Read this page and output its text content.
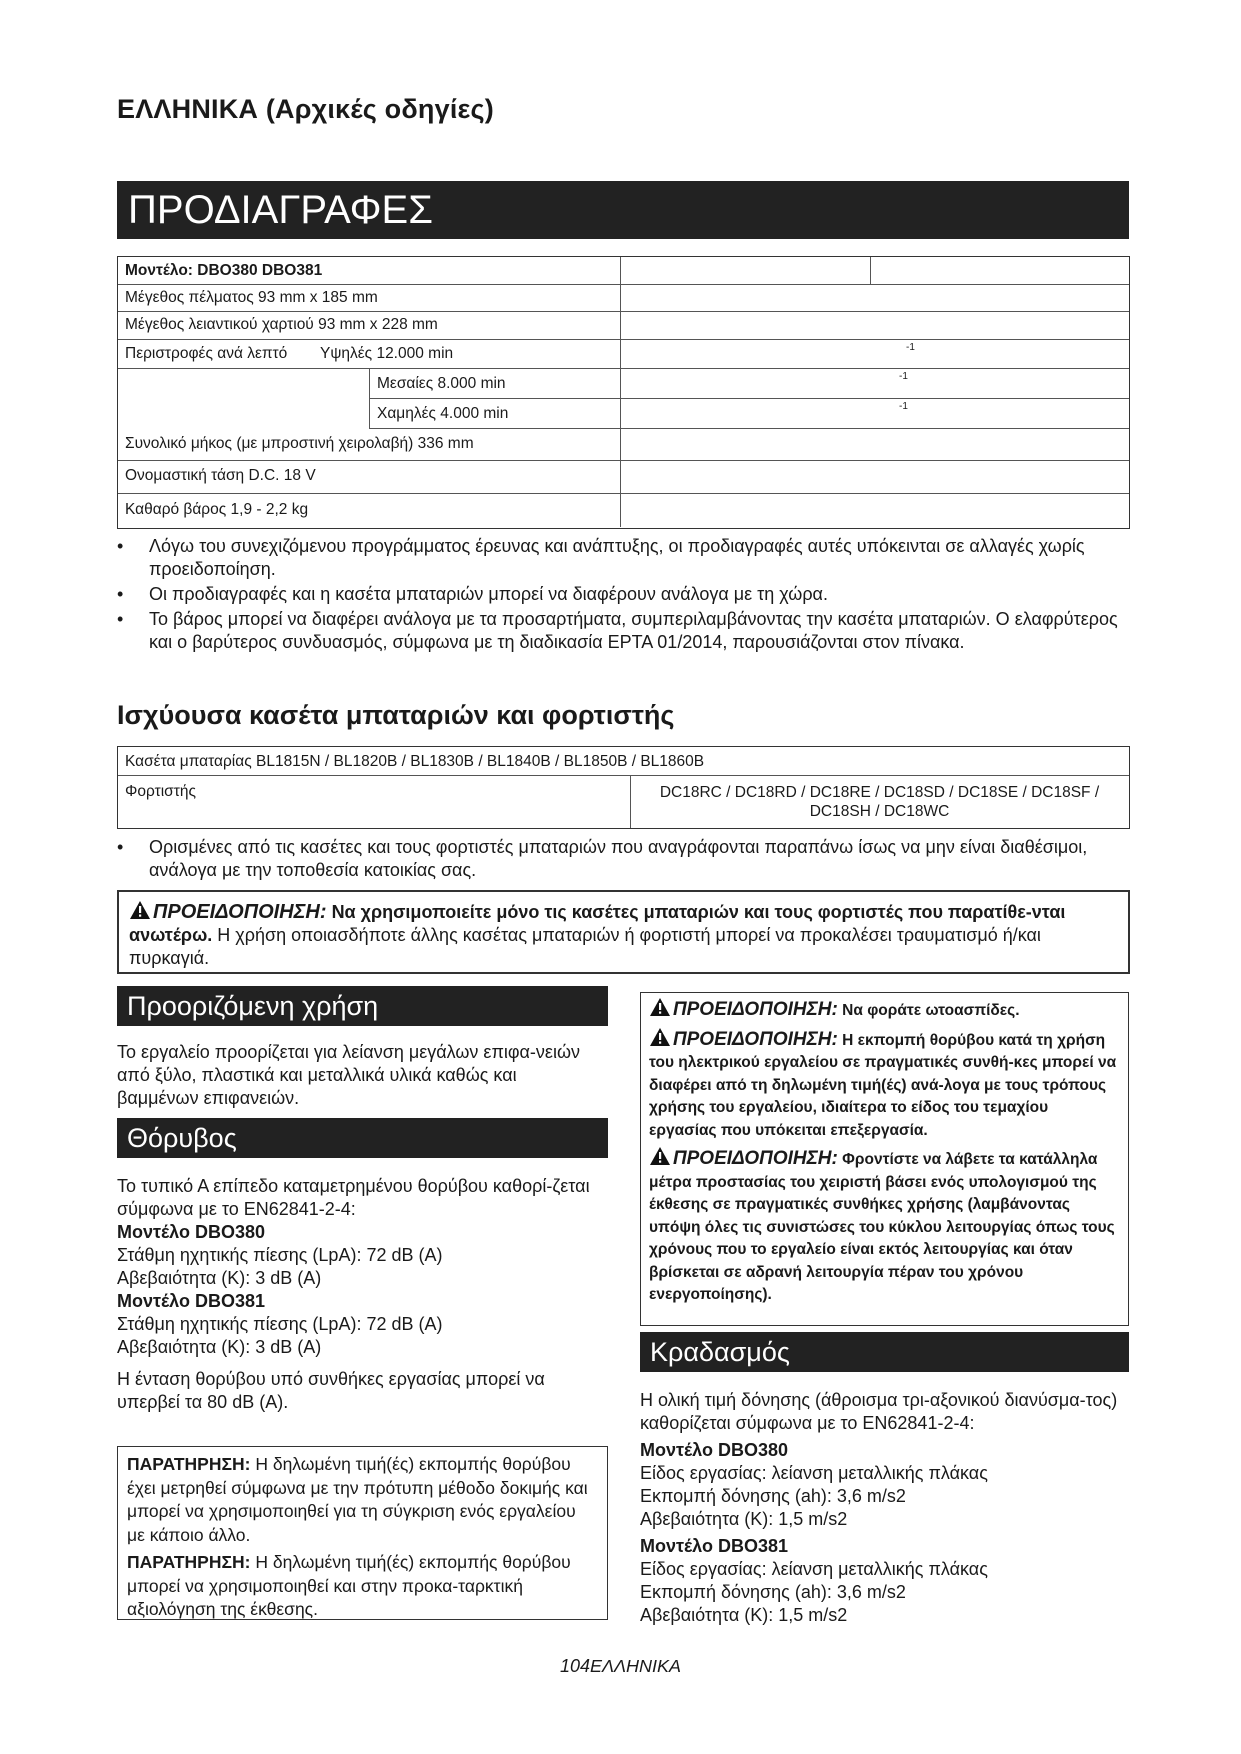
ΕΛΛΗΝΙΚΑ (Αρχικές οδηγίες)
ΠΡΟΔΙΑΓΡΑΦΕΣ
Μοντέλο: DBO380 DBO381
Μέγεθος πέλματος 93 mm x 185 mm
Μέγεθος λειαντικού χαρτιού 93 mm x 228 mm
Περιστροφές ανά λεπτό Υψηλές 12.000 min	-1
Μεσαίες 8.000 min	-1
Χαμηλές 4.000 min	-1
Συνολικό μήκος (με μπροστινή χειρολαβή) 336 mm
Ονομαστική τάση D.C. 18 V
Καθαρό βάρος 1,9 - 2,2 kg
• Λόγω του συνεχιζόμενου προγράμματος έρευνας και ανάπτυξης, οι προδιαγραφές αυτές υπόκεινται σε αλλαγές χωρίς προειδοποίηση.
• Οι προδιαγραφές και η κασέτα μπαταριών μπορεί να διαφέρουν ανάλογα με τη χώρα.
• Το βάρος μπορεί να διαφέρει ανάλογα με τα προσαρτήματα, συμπεριλαμβάνοντας την κασέτα μπαταριών. Ο ελαφρύτερος και ο βαρύτερος συνδυασμός, σύμφωνα με τη διαδικασία EPTA 01/2014, παρουσιάζονται στον πίνακα.
Ισχύουσα κασέτα μπαταριών και φορτιστής
Κασέτα μπαταρίας BL1815N / BL1820B / BL1830B / BL1840B / BL1850B / BL1860B
Φορτιστής	DC18RC / DC18RD / DC18RE / DC18SD / DC18SE / DC18SF /
DC18SH / DC18WC
• Ορισμένες από τις κασέτες και τους φορτιστές μπαταριών που αναγράφονται παραπάνω ίσως να μην είναι διαθέσιμοι, ανάλογα με την τοποθεσία κατοικίας σας.
ΠΡΟΕΙΔΟΠΟΙΗΣΗ: Να χρησιμοποιείτε μόνο τις κασέτες μπαταριών και τους φορτιστές που παρατίθε-νται ανωτέρω. Η χρήση οποιασδήποτε άλλης κασέτας μπαταριών ή φορτιστή μπορεί να προκαλέσει τραυματισμό ή/και πυρκαγιά.
Προοριζόμενη χρήση
Το εργαλείο προορίζεται για λείανση μεγάλων επιφα-νειών από ξύλο, πλαστικά και μεταλλικά υλικά καθώς και βαμμένων επιφανειών.
Θόρυβος
Το τυπικό Α επίπεδο καταμετρημένου θορύβου καθορί-ζεται σύμφωνα με το EN62841-2-4:
Μοντέλο DBO380
Στάθμη ηχητικής πίεσης (LpA): 72 dB (A)
Αβεβαιότητα (K): 3 dB (A)
Μοντέλο DBO381
Στάθμη ηχητικής πίεσης (LpA): 72 dB (A)
Αβεβαιότητα (K): 3 dB (A)
Η ένταση θορύβου υπό συνθήκες εργασίας μπορεί να υπερβεί τα 80 dB (A).
ΠΑΡΑΤΗΡΗΣΗ: Η δηλωμένη τιμή(ές) εκπομπής θορύβου έχει μετρηθεί σύμφωνα με την πρότυπη μέθοδο δοκιμής και μπορεί να χρησιμοποιηθεί για τη σύγκριση ενός εργαλείου με κάποιο άλλο.
ΠΑΡΑΤΗΡΗΣΗ: Η δηλωμένη τιμή(ές) εκπομπής θορύβου μπορεί να χρησιμοποιηθεί και στην προκα-ταρκτική αξιολόγηση της έκθεσης.
ΠΡΟΕΙΔΟΠΟΙΗΣΗ: Να φοράτε ωτοασπίδες.
ΠΡΟΕΙΔΟΠΟΙΗΣΗ: Η εκπομπή θορύβου κατά τη χρήση του ηλεκτρικού εργαλείου σε πραγματικές συνθή-κες μπορεί να διαφέρει από τη δηλωμένη τιμή(ές) ανά-λογα με τους τρόπους χρήσης του εργαλείου, ιδιαίτερα το είδος του τεμαχίου εργασίας που υπόκειται επεξεργασία.
ΠΡΟΕΙΔΟΠΟΙΗΣΗ: Φροντίστε να λάβετε τα κατάλληλα μέτρα προστασίας του χειριστή βάσει ενός υπολογισμού της έκθεσης σε πραγματικές συνθήκες χρήσης (λαμβάνοντας υπόψη όλες τις συνιστώσες του κύκλου λειτουργίας όπως τους χρόνους που το εργαλείο είναι εκτός λειτουργίας και όταν βρίσκεται σε αδρανή λειτουργία πέραν του χρόνου ενεργοποίησης).
Κραδασμός
Η ολική τιμή δόνησης (άθροισμα τρι-αξονικού διανύσμα-τος) καθορίζεται σύμφωνα με το EN62841-2-4:
Μοντέλο DBO380
Είδος εργασίας: λείανση μεταλλικής πλάκας
Εκπομπή δόνησης (ah): 3,6 m/s2
Αβεβαιότητα (K): 1,5 m/s2
Μοντέλο DBO381
Είδος εργασίας: λείανση μεταλλικής πλάκας
Εκπομπή δόνησης (ah): 3,6 m/s2
Αβεβαιότητα (K): 1,5 m/s2
104ΕΛΛΗΝΙΚΑ
